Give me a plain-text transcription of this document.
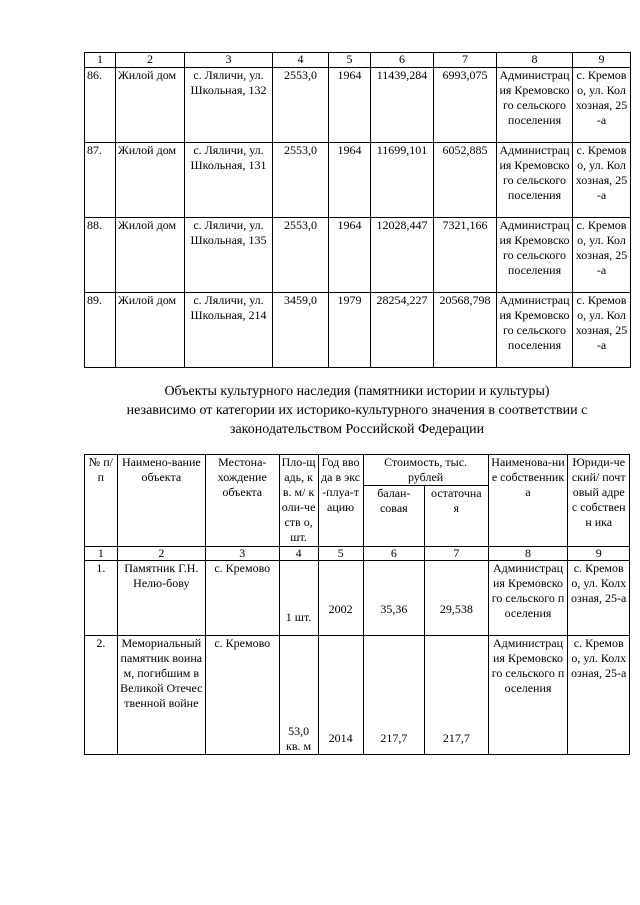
1	2	3	4	5	6	7	8	9
86.	Жилой дом	с. Ляличи, ул. Школьная, 132	2553,0	1964	11439,284	6993,075	Администрация Кремовского сельского поселения	с. Кремово, ул. Колхозная, 25-а
87.	Жилой дом	с. Ляличи, ул. Школьная, 131	2553,0	1964	11699,101	6052,885	Администрация Кремовского сельского поселения	с. Кремово, ул. Колхозная, 25-а
88.	Жилой дом	с. Ляличи, ул. Школьная, 135	2553,0	1964	12028,447	7321,166	Администрация Кремовского сельского поселения	с. Кремово, ул. Колхозная, 25-а
89.	Жилой дом	с. Ляличи, ул. Школьная, 214	3459,0	1979	28254,227	20568,798	Администрация Кремовского сельского поселения	с. Кремово, ул. Колхозная, 25-а
Объекты культурного наследия (памятники истории и культуры)
независимо от категории их историко-культурного значения в соответствии с
законодательством Российской Федерации
№ п/п	Наимено-вание объекта	Местона-хождение объекта	Пло-щадь, кв. м/ коли-честв о, шт.	Год ввода в экс-плуа-тацию	Стоимость, тыс. рублей		Наименова-ние собственник а	Юриди-ческий/ почтовый адрес собственн ика
					балан-совая	остаточна я		
1	2	3	4	5	6	7	8	9
1.	Памятник Г.Н. Нелю-бову	с. Кремово	1 шт.	2002	35,36	29,538	Администрация Кремовского сельского поселения	с. Кремово, ул. Колхозная, 25-а
2.	Мемориальный памятник воинам, погибшим в Великой Отечественной войне	с. Кремово	53,0 кв. м	2014	217,7	217,7	Администрация Кремовского сельского поселения	с. Кремово, ул. Колхозная, 25-а
